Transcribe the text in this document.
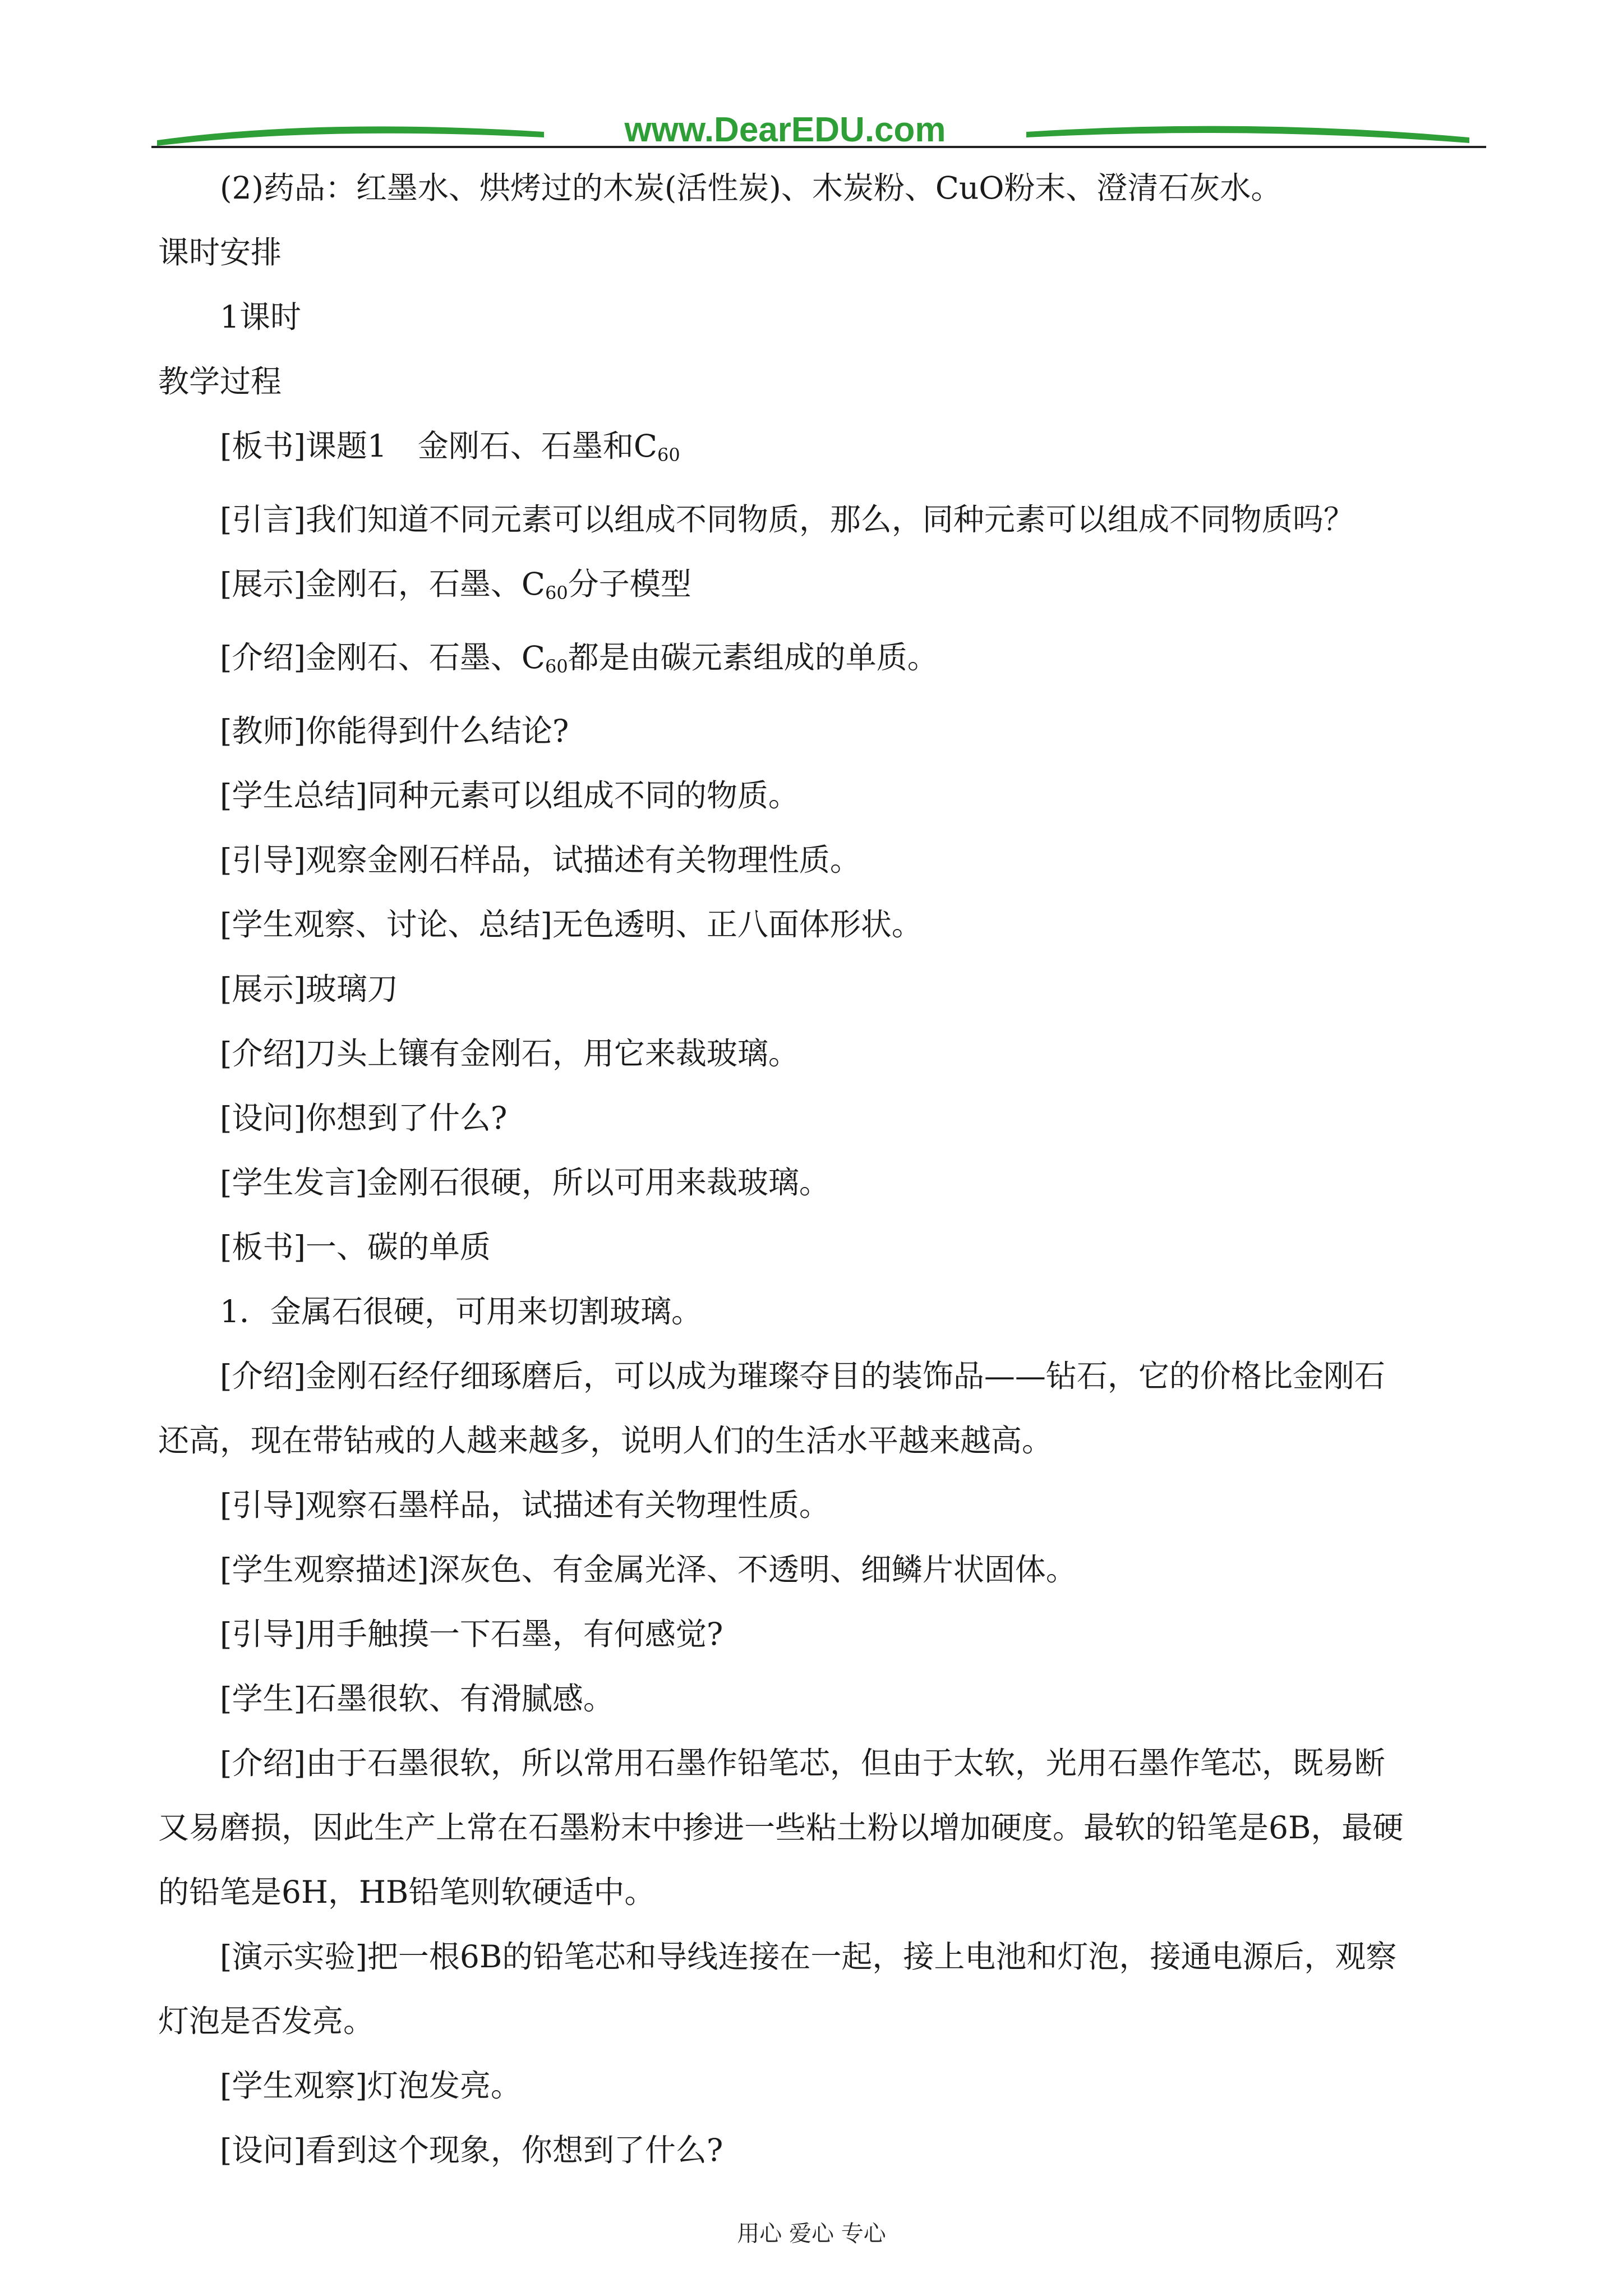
www.DearEDU.com
(2)药品：红墨水、烘烤过的木炭(活性炭)、木炭粉、CuO粉末、澄清石灰水。
课时安排
1课时
教学过程
[板书]课题1　金刚石、石墨和$C_{60}$
[引言]我们知道不同元素可以组成不同物质，那么，同种元素可以组成不同物质吗？
[展示]金刚石，石墨、$C_{60}$分子模型
[介绍]金刚石、石墨、$C_{60}$都是由碳元素组成的单质。
[教师]你能得到什么结论?
[学生总结]同种元素可以组成不同的物质。
[引导]观察金刚石样品，试描述有关物理性质。
[学生观察、讨论、总结]无色透明、正八面体形状。
[展示]玻璃刀
[介绍]刀头上镶有金刚石，用它来裁玻璃。
[设问]你想到了什么?
[学生发言]金刚石很硬，所以可用来裁玻璃。
[板书]一、碳的单质
1．金属石很硬，可用来切割玻璃。
[介绍]金刚石经仔细琢磨后，可以成为璀璨夺目的装饰品——钻石，它的价格比金刚石
还高，现在带钻戒的人越来越多，说明人们的生活水平越来越高。
[引导]观察石墨样品，试描述有关物理性质。
[学生观察描述]深灰色、有金属光泽、不透明、细鳞片状固体。
[引导]用手触摸一下石墨，有何感觉?
[学生]石墨很软、有滑腻感。
[介绍]由于石墨很软，所以常用石墨作铅笔芯，但由于太软，光用石墨作笔芯，既易断
又易磨损，因此生产上常在石墨粉末中掺进一些粘土粉以增加硬度。最软的铅笔是6B，最硬
的铅笔是6H，HB铅笔则软硬适中。
[演示实验]把一根6B的铅笔芯和导线连接在一起，接上电池和灯泡，接通电源后，观察
灯泡是否发亮。
[学生观察]灯泡发亮。
[设问]看到这个现象，你想到了什么?
用心 爱心 专心
